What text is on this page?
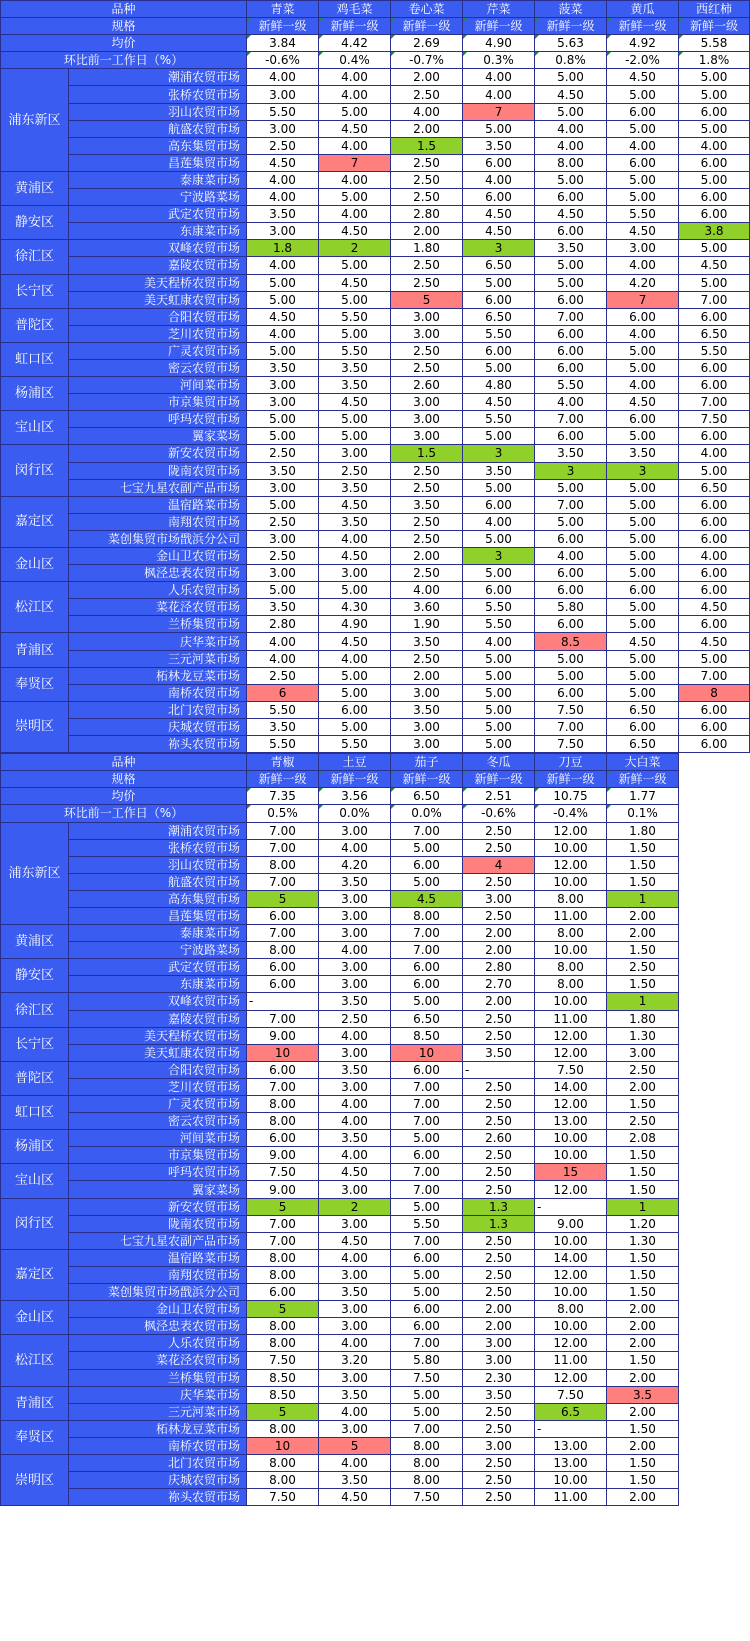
品种		青菜	鸡毛菜	卷心菜	芹菜	菠菜	黄瓜	西红柿
规格		新鲜一级	新鲜一级	新鲜一级	新鲜一级	新鲜一级	新鲜一级	新鲜一级
均价		3.84	4.42	2.69	4.90	5.63	4.92	5.58
环比前一工作日（%）		-0.6%	0.4%	-0.7%	0.3%	0.8%	-2.0%	1.8%
浦东新区	潮浦农贸市场	4.00	4.00	2.00	4.00	5.00	4.50	5.00
	张桥农贸市场	3.00	4.00	2.50	4.00	4.50	5.00	5.00
	羽山农贸市场	5.50	5.00	4.00	7	5.00	6.00	6.00
	航盛农贸市场	3.00	4.50	2.00	5.00	4.00	5.00	5.00
	高东集贸市场	2.50	4.00	1.5	3.50	4.00	4.00	4.00
	昌莲集贸市场	4.50	7	2.50	6.00	8.00	6.00	6.00
黄浦区	泰康菜市场	4.00	4.00	2.50	4.00	5.00	5.00	5.00
	宁波路菜场	4.00	5.00	2.50	6.00	6.00	5.00	6.00
静安区	武定农贸市场	3.50	4.00	2.80	4.50	4.50	5.50	6.00
	东康菜市场	3.00	4.50	2.00	4.50	6.00	4.50	3.8
徐汇区	双峰农贸市场	1.8	2	1.80	3	3.50	3.00	5.00
	嘉陵农贸市场	4.00	5.00	2.50	6.50	5.00	4.00	4.50
长宁区	美天程桥农贸市场	5.00	4.50	2.50	5.00	5.00	4.20	5.00
	美天虹康农贸市场	5.00	5.00	5	6.00	6.00	7	7.00
普陀区	合阳农贸市场	4.50	5.50	3.00	6.50	7.00	6.00	6.00
	芝川农贸市场	4.00	5.00	3.00	5.50	6.00	4.00	6.50
虹口区	广灵农贸市场	5.00	5.50	2.50	6.00	6.00	5.00	5.50
	密云农贸市场	3.50	3.50	2.50	5.00	6.00	5.00	6.00
杨浦区	河间菜市场	3.00	3.50	2.60	4.80	5.50	4.00	6.00
	市京集贸市场	3.00	4.50	3.00	4.50	4.00	4.50	7.00
宝山区	呼玛农贸市场	5.00	5.00	3.00	5.50	7.00	6.00	7.50
	翼家菜场	5.00	5.00	3.00	5.00	6.00	5.00	6.00
闵行区	新安农贸市场	2.50	3.00	1.5	3	3.50	3.50	4.00
	陇南农贸市场	3.50	2.50	2.50	3.50	3	3	5.00
	七宝九星农副产品市场	3.00	3.50	2.50	5.00	5.00	5.00	6.50
嘉定区	温宿路菜市场	5.00	4.50	3.50	6.00	7.00	5.00	6.00
	南翔农贸市场	2.50	3.50	2.50	4.00	5.00	5.00	6.00
	菜创集贸市场戬浜分公司	3.00	4.00	2.50	5.00	6.00	5.00	6.00
金山区	金山卫农贸市场	2.50	4.50	2.00	3	4.00	5.00	4.00
	枫泾忠表农贸市场	3.00	3.00	2.50	5.00	6.00	5.00	6.00
松江区	人乐农贸市场	5.00	5.00	4.00	6.00	6.00	6.00	6.00
	菜花泾农贸市场	3.50	4.30	3.60	5.50	5.80	5.00	4.50
	兰桥集贸市场	2.80	4.90	1.90	5.50	6.00	5.00	6.00
青浦区	庆华菜市场	4.00	4.50	3.50	4.00	8.5	4.50	4.50
	三元河菜市场	4.00	4.00	2.50	5.00	5.00	5.00	5.00
奉贤区	柘林龙豆菜市场	2.50	5.00	2.00	5.00	5.00	5.00	7.00
	南桥农贸市场	6	5.00	3.00	5.00	6.00	5.00	8
崇明区	北门农贸市场	5.50	6.00	3.50	5.00	7.50	6.50	6.00
	庆城农贸市场	3.50	5.00	3.00	5.00	7.00	6.00	6.00
	祢头农贸市场	5.50	5.50	3.00	5.00	7.50	6.50	6.00
品种		青椒	土豆	茄子	冬瓜	刀豆	大白菜	
规格		新鲜一级	新鲜一级	新鲜一级	新鲜一级	新鲜一级	新鲜一级	
均价		7.35	3.56	6.50	2.51	10.75	1.77	
环比前一工作日（%）		0.5%	0.0%	0.0%	-0.6%	-0.4%	0.1%	
浦东新区	潮浦农贸市场	7.00	3.00	7.00	2.50	12.00	1.80	
	张桥农贸市场	7.00	4.00	5.00	2.50	10.00	1.50	
	羽山农贸市场	8.00	4.20	6.00	4	12.00	1.50	
	航盛农贸市场	7.00	3.50	5.00	2.50	10.00	1.50	
	高东集贸市场	5	3.00	4.5	3.00	8.00	1	
	昌莲集贸市场	6.00	3.00	8.00	2.50	11.00	2.00	
黄浦区	泰康菜市场	7.00	3.00	7.00	2.00	8.00	2.00	
	宁波路菜场	8.00	4.00	7.00	2.00	10.00	1.50	
静安区	武定农贸市场	6.00	3.00	6.00	2.80	8.00	2.50	
	东康菜市场	6.00	3.00	6.00	2.70	8.00	1.50	
徐汇区	双峰农贸市场	-	3.50	5.00	2.00	10.00	1	
	嘉陵农贸市场	7.00	2.50	6.50	2.50	11.00	1.80	
长宁区	美天程桥农贸市场	9.00	4.00	8.50	2.50	12.00	1.30	
	美天虹康农贸市场	10	3.00	10	3.50	12.00	3.00	
普陀区	合阳农贸市场	6.00	3.50	6.00	-	7.50	2.50	
	芝川农贸市场	7.00	3.00	7.00	2.50	14.00	2.00	
虹口区	广灵农贸市场	8.00	4.00	7.00	2.50	12.00	1.50	
	密云农贸市场	8.00	4.00	7.00	2.50	13.00	2.50	
杨浦区	河间菜市场	6.00	3.50	5.00	2.60	10.00	2.08	
	市京集贸市场	9.00	4.00	6.00	2.50	10.00	1.50	
宝山区	呼玛农贸市场	7.50	4.50	7.00	2.50	15	1.50	
	翼家菜场	9.00	3.00	7.00	2.50	12.00	1.50	
闵行区	新安农贸市场	5	2	5.00	1.3	-	1	
	陇南农贸市场	7.00	3.00	5.50	1.3	9.00	1.20	
	七宝九星农副产品市场	7.00	4.50	7.00	2.50	10.00	1.30	
嘉定区	温宿路菜市场	8.00	4.00	6.00	2.50	14.00	1.50	
	南翔农贸市场	8.00	3.00	5.00	2.50	12.00	1.50	
	菜创集贸市场戬浜分公司	6.00	3.50	5.00	2.50	10.00	1.50	
金山区	金山卫农贸市场	5	3.00	6.00	2.00	8.00	2.00	
	枫泾忠表农贸市场	8.00	3.00	6.00	2.00	10.00	2.00	
松江区	人乐农贸市场	8.00	4.00	7.00	3.00	12.00	2.00	
	菜花泾农贸市场	7.50	3.20	5.80	3.00	11.00	1.50	
	兰桥集贸市场	8.50	3.00	7.50	2.30	12.00	2.00	
青浦区	庆华菜市场	8.50	3.50	5.00	3.50	7.50	3.5	
	三元河菜市场	5	4.00	5.00	2.50	6.5	2.00	
奉贤区	柘林龙豆菜市场	8.00	3.00	7.00	2.50	-	1.50	
	南桥农贸市场	10	5	8.00	3.00	13.00	2.00	
崇明区	北门农贸市场	8.00	4.00	8.00	2.50	13.00	1.50	
	庆城农贸市场	8.00	3.50	8.00	2.50	10.00	1.50	
	祢头农贸市场	7.50	4.50	7.50	2.50	11.00	2.00	
